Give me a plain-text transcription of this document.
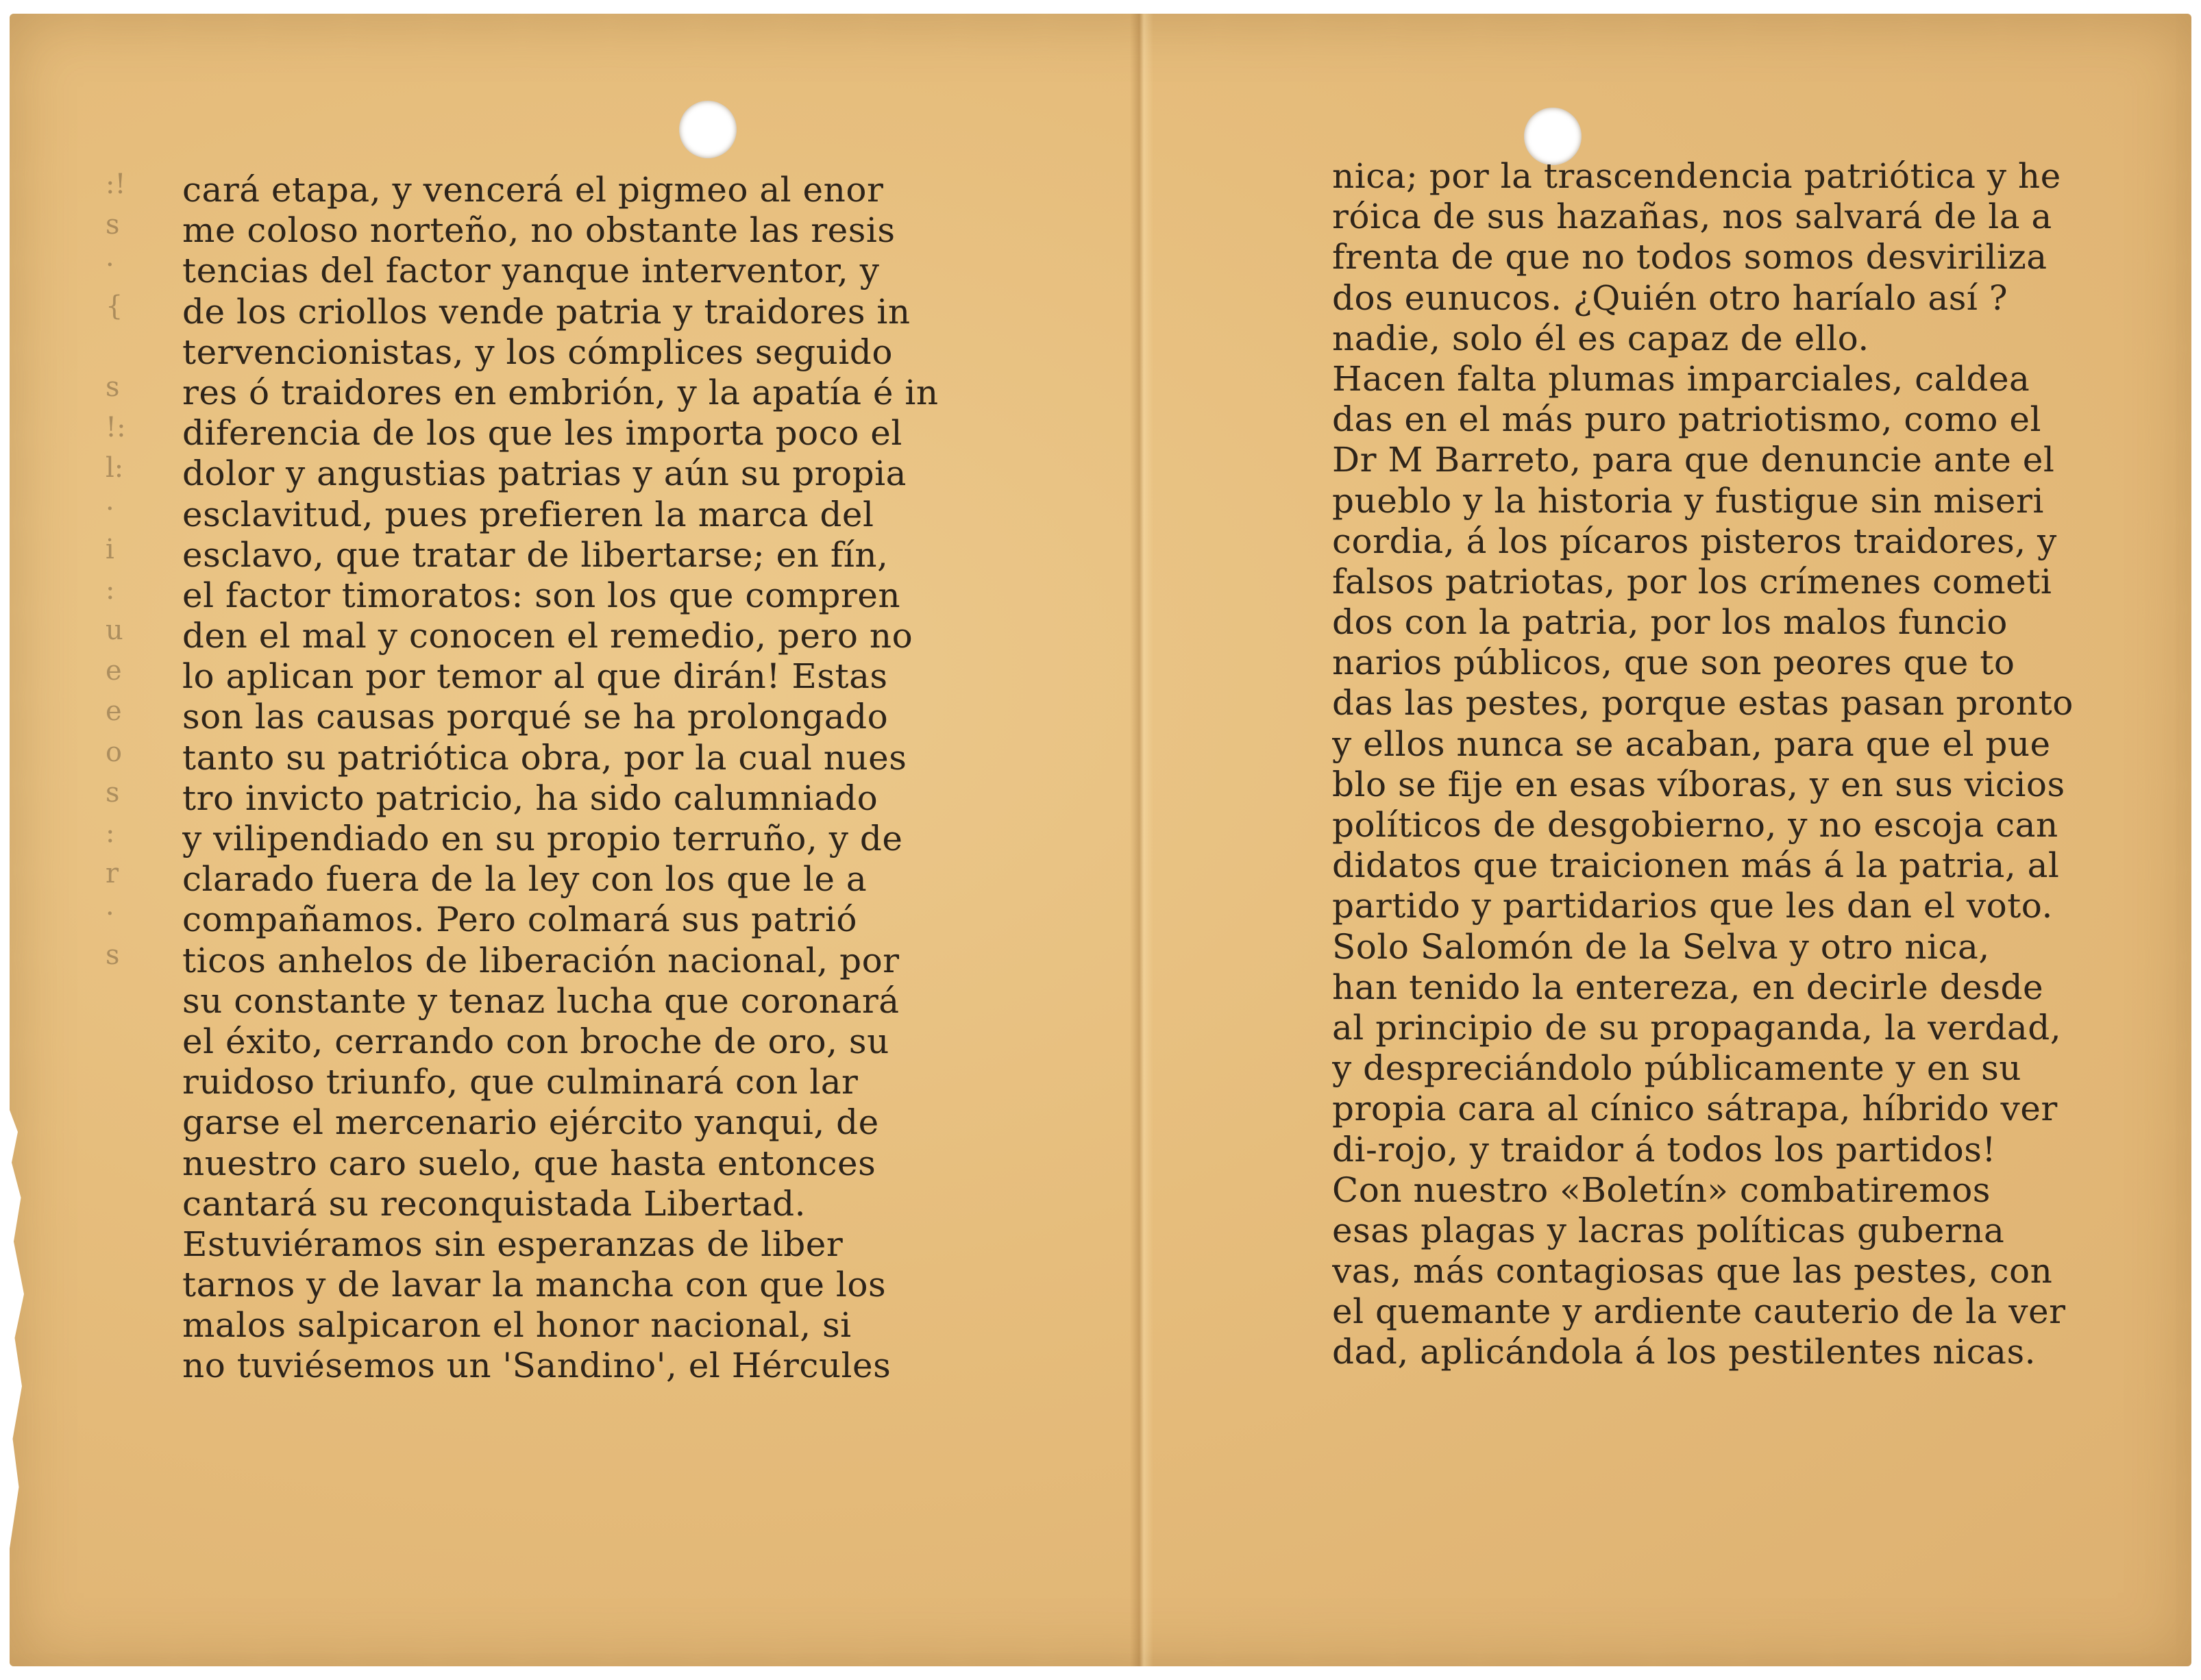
:!
s
·
{
s
!:
l:
·
i
:
u
e
e
o
s
:
r
·
s
cará etapa, y vencerá el pigmeo al enor
me coloso norteño, no obstante las resis
tencias del factor yanque interventor, y
de los criollos vende patria y traidores in
tervencionistas, y los cómplices seguido
res ó traidores en embrión, y la apatía é in
diferencia de los que les importa poco el
dolor y angustias patrias y aún su propia
esclavitud, pues prefieren la marca del
esclavo, que tratar de libertarse; en fín,
el factor timoratos: son los que compren
den el mal y conocen el remedio, pero no
lo aplican por temor al que dirán! Estas
son las causas porqué se ha prolongado
tanto su patriótica obra, por la cual nues
tro invicto patricio, ha sido calumniado
y vilipendiado en su propio terruño, y de
clarado fuera de la ley con los que le a
compañamos. Pero colmará sus patrió
ticos anhelos de liberación nacional, por
su constante y tenaz lucha que coronará
el éxito, cerrando con broche de oro, su
ruidoso triunfo, que culminará con lar
garse el mercenario ejército yanqui, de
nuestro caro suelo, que hasta entonces
cantará su reconquistada Libertad.
Estuviéramos sin esperanzas de liber
tarnos y de lavar la mancha con que los
malos salpicaron el honor nacional, si
no tuviésemos un 'Sandino', el Hércules
nica; por la trascendencia patriótica y he
róica de sus hazañas, nos salvará de la a
frenta de que no todos somos desviriliza
dos eunucos. ¿Quién otro haríalo así ?
nadie, solo él es capaz de ello.
Hacen falta plumas imparciales, caldea
das en el más puro patriotismo, como el
Dr M Barreto, para que denuncie ante el
pueblo y la historia y fustigue sin miseri
cordia, á los pícaros pisteros traidores, y
falsos patriotas, por los crímenes cometi
dos con la patria, por los malos funcio
narios públicos, que son peores que to
das las pestes, porque estas pasan pronto
y ellos nunca se acaban, para que el pue
blo se fije en esas víboras, y en sus vicios
políticos de desgobierno, y no escoja can
didatos que traicionen más á la patria, al
partido y partidarios que les dan el voto.
Solo Salomón de la Selva y otro nica,
han tenido la entereza, en decirle desde
al principio de su propaganda, la verdad,
y despreciándolo públicamente y en su
propia cara al cínico sátrapa, híbrido ver
di-rojo, y traidor á todos los partidos!
Con nuestro «Boletín» combatiremos
esas plagas y lacras políticas guberna
vas, más contagiosas que las pestes, con
el quemante y ardiente cauterio de la ver
dad, aplicándola á los pestilentes nicas.
